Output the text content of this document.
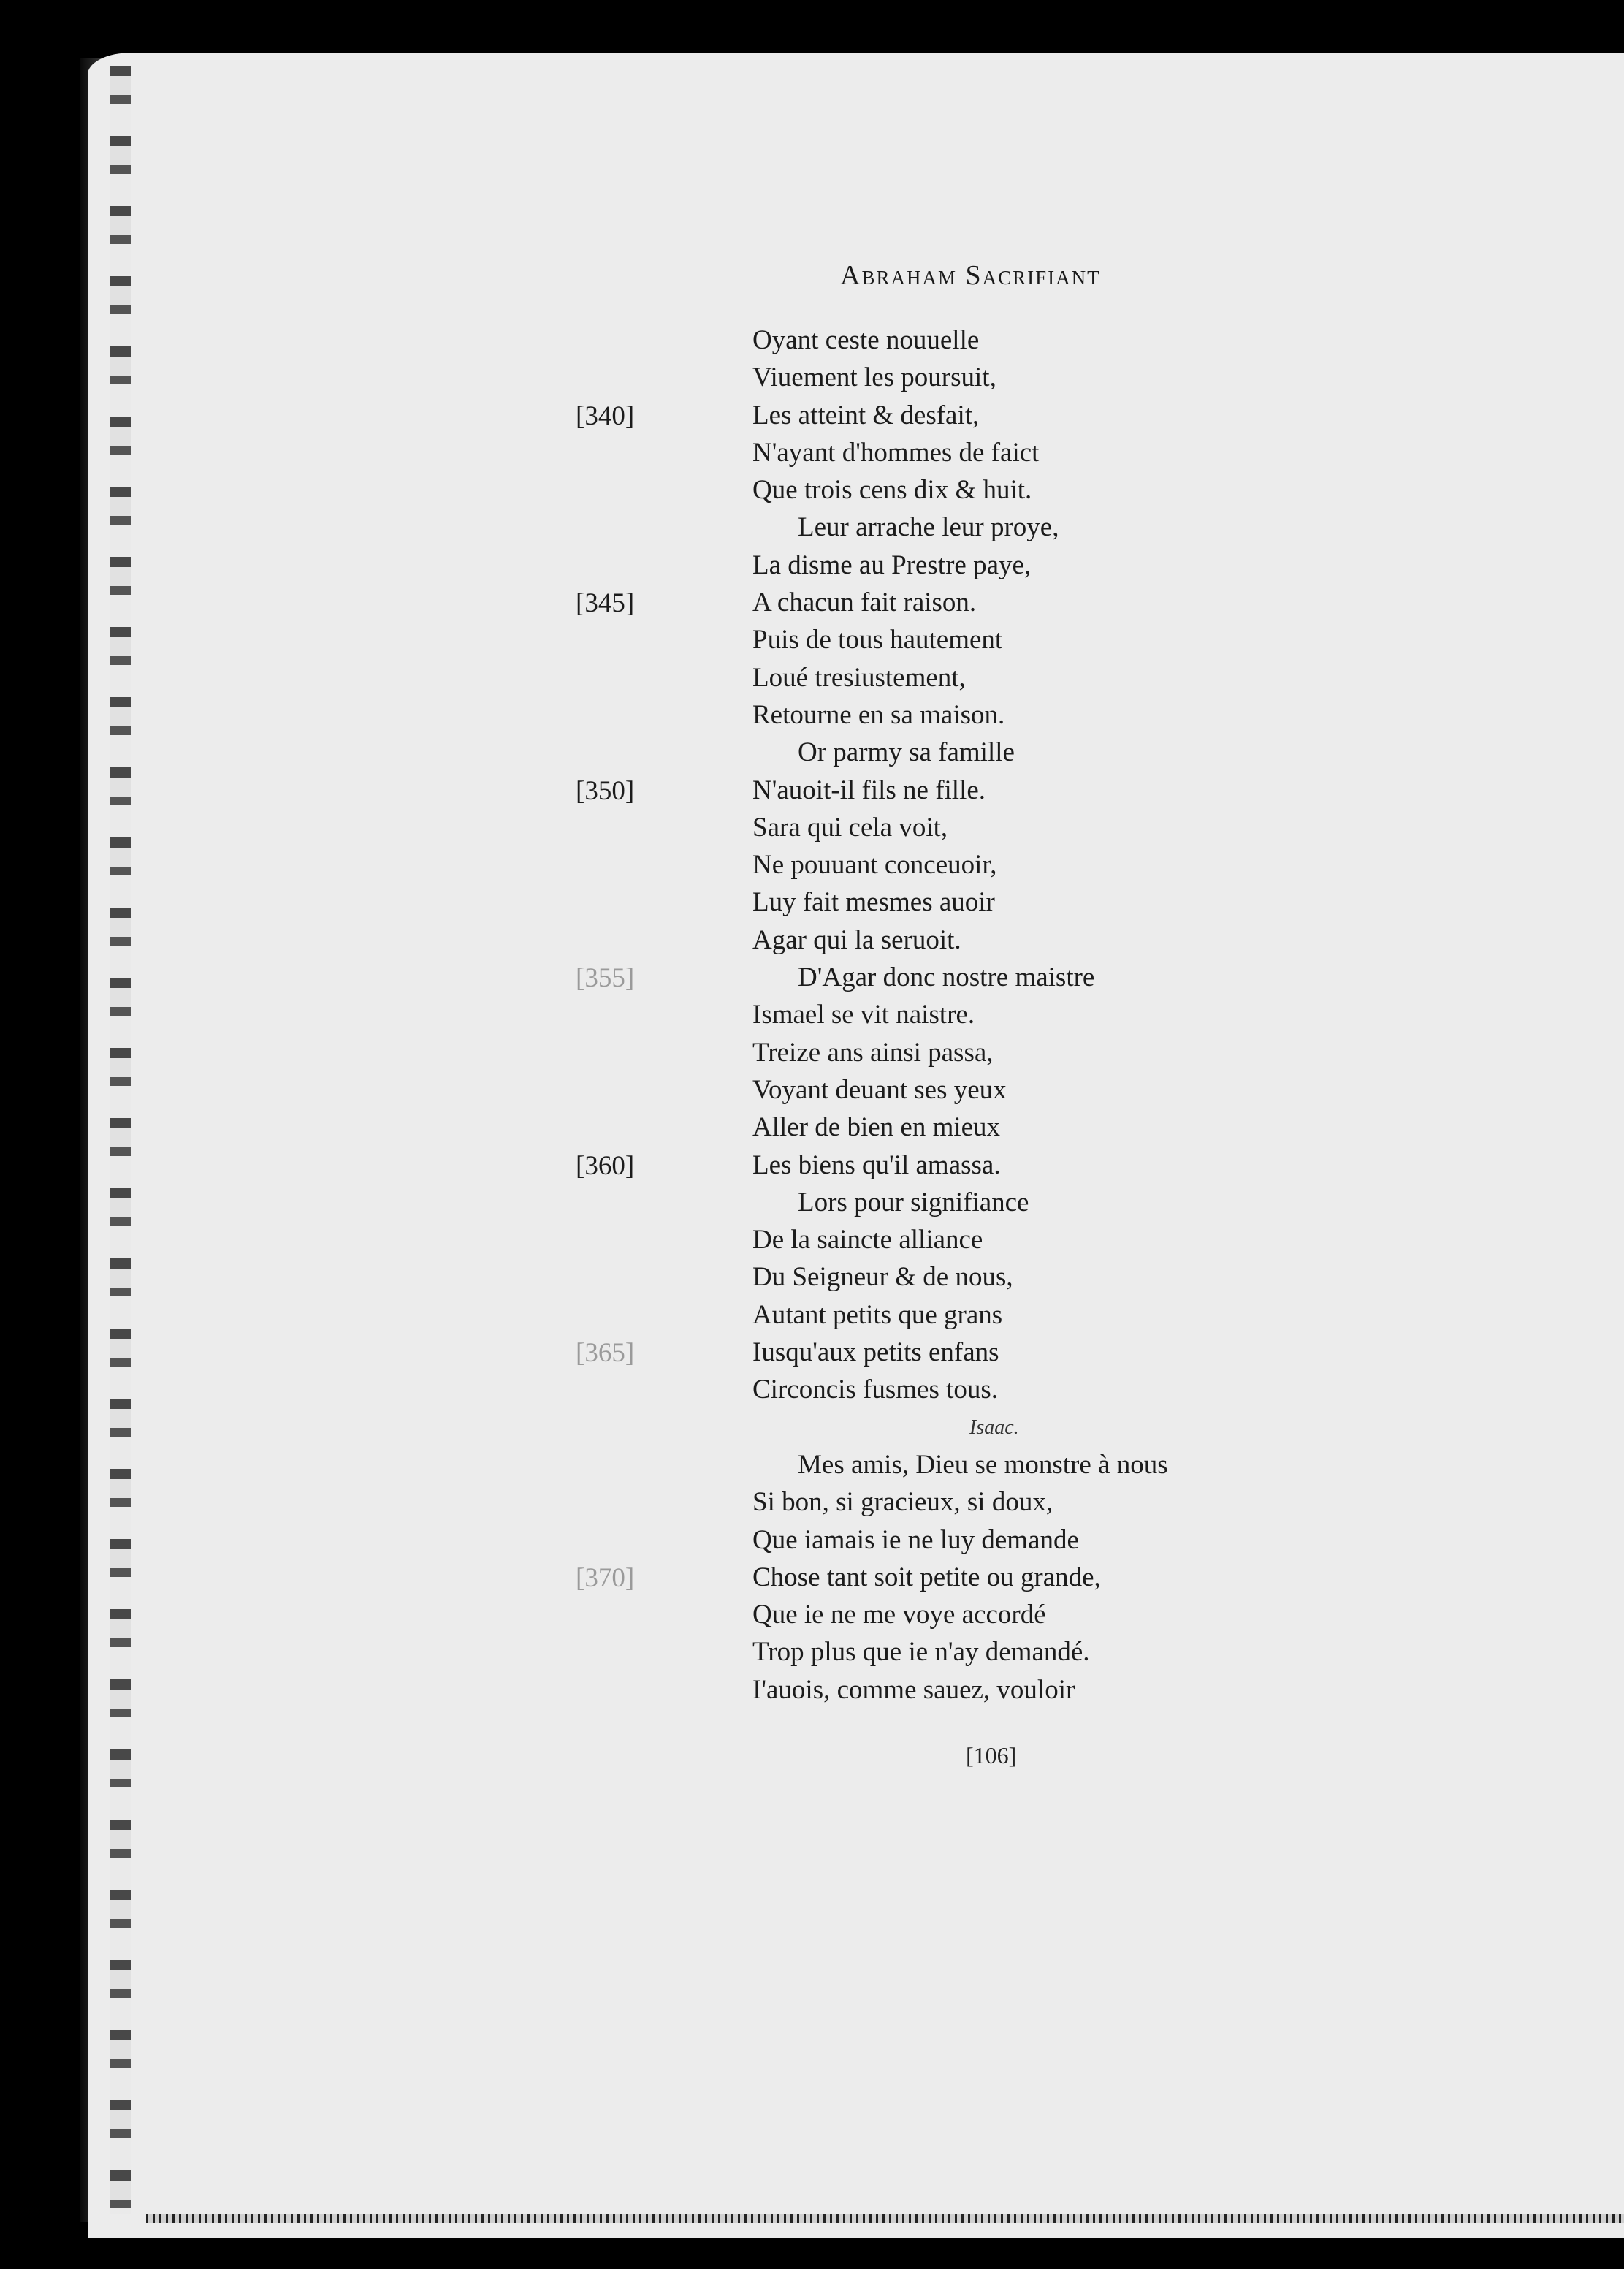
Abraham Sacrifiant
Oyant ceste nouuelle
Viuement les poursuit,
Les atteint & desfait,
N'ayant d'hommes de faict
Que trois cens dix & huit.
Leur arrache leur proye,
La disme au Prestre paye,
A chacun fait raison.
Puis de tous hautement
Loué tresiustement,
Retourne en sa maison.
Or parmy sa famille
N'auoit-il fils ne fille.
Sara qui cela voit,
Ne pouuant conceuoir,
Luy fait mesmes auoir
Agar qui la seruoit.
D'Agar donc nostre maistre
Ismael se vit naistre.
Treize ans ainsi passa,
Voyant deuant ses yeux
Aller de bien en mieux
Les biens qu'il amassa.
Lors pour signifiance
De la saincte alliance
Du Seigneur & de nous,
Autant petits que grans
Iusqu'aux petits enfans
Circoncis fusmes tous.
Isaac.
Mes amis, Dieu se monstre à nous
Si bon, si gracieux, si doux,
Que iamais ie ne luy demande
Chose tant soit petite ou grande,
Que ie ne me voye accordé
Trop plus que ie n'ay demandé.
I'auois, comme sauez, vouloir
[340]
[345]
[350]
[355]
[360]
[365]
[370]
[106]
